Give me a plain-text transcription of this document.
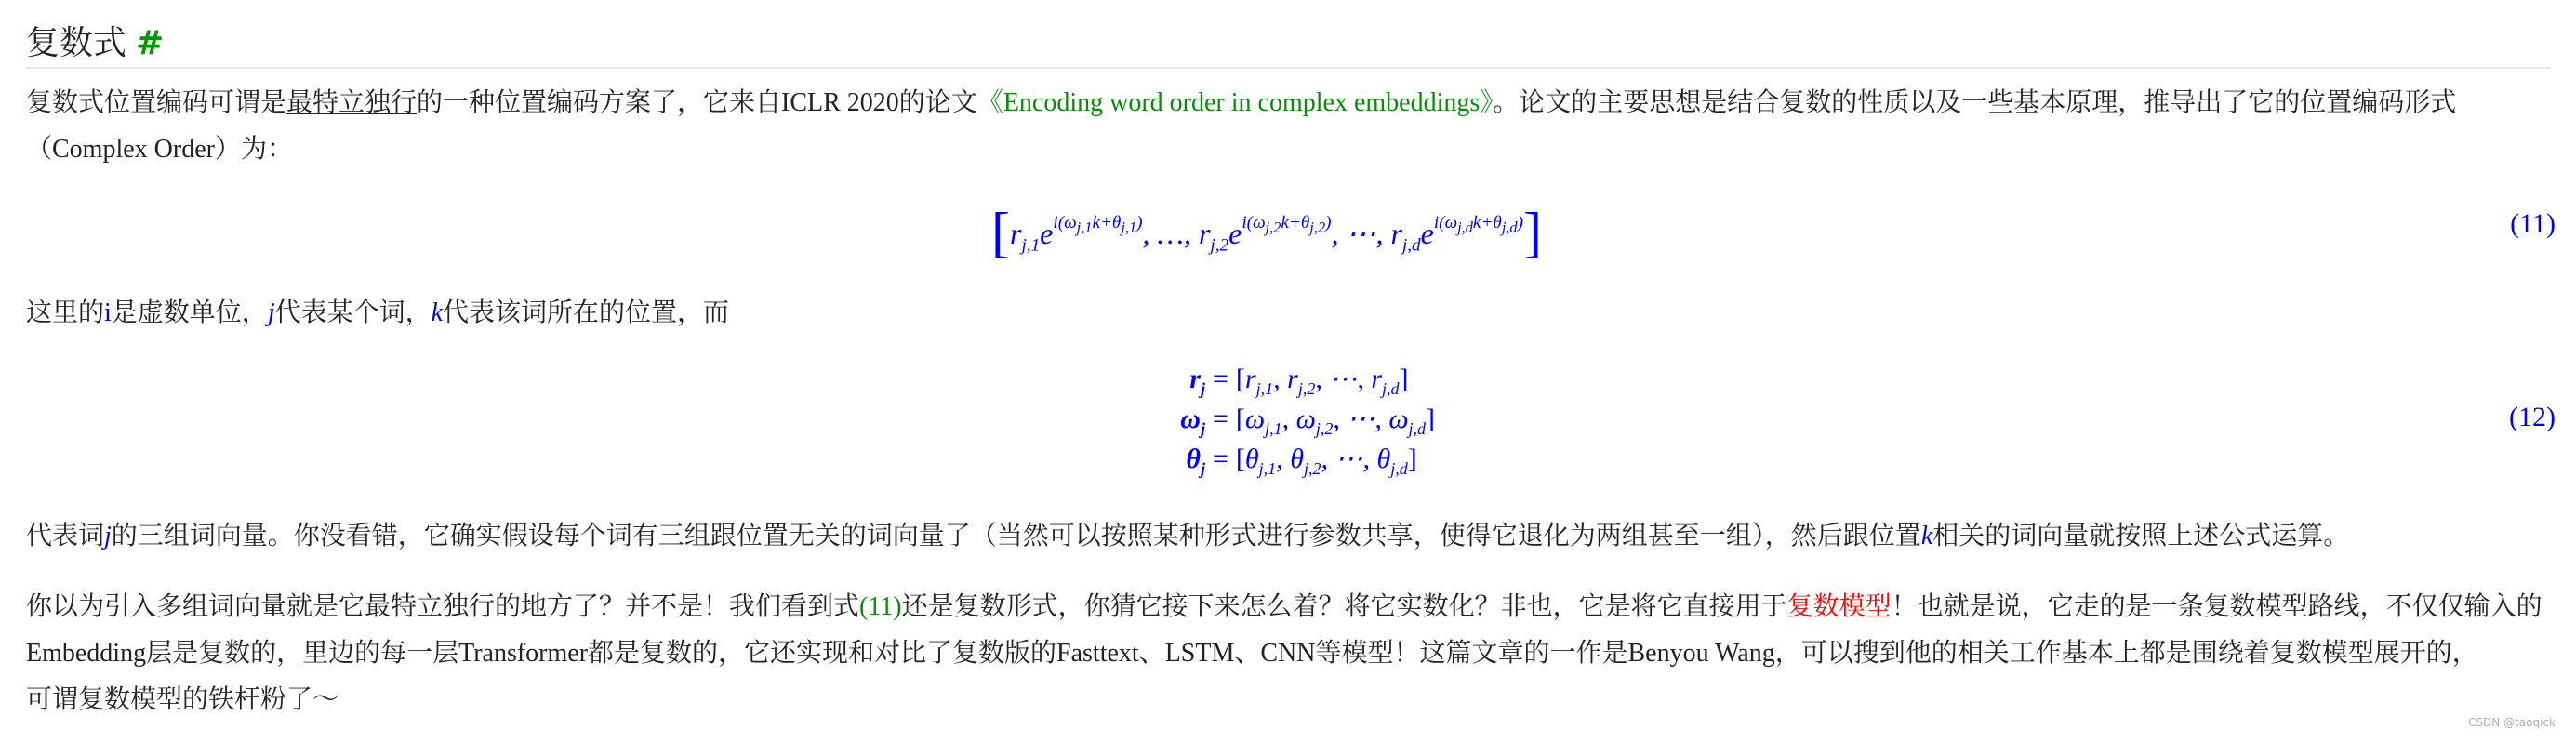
复数式 #

复数式位置编码可谓是最特立独行的一种位置编码方案了，它来自ICLR 2020的论文《Encoding word order in complex embeddings》。论文的主要思想是结合复数的性质以及一些基本原理，推导出了它的位置编码形式
（Complex Order）为：

[$r_{j,1}e^{i(\omega_{j,1}k+\theta_{j,1})}$, …, $r_{j,2}e^{i(\omega_{j,2}k+\theta_{j,2})}$, ⋯, $r_{j,d}e^{i(\omega_{j,d}k+\theta_{j,d})}$]	(11)

这里的i是虚数单位，j代表某个词，k代表该词所在的位置，而

$r_j = [r_{j,1}$, $r_{j,2}$, ⋯, $r_{j,d}$]
$\omega_j = [\omega_{j,1}$, $\omega_{j,2}$, ⋯, $\omega_{j,d}$]
$\theta_j = [\theta_{j,1}$, $\theta_{j,2}$, ⋯, $\theta_{j,d}$]
(12)

代表词j的三组词向量。你没看错，它确实假设每个词有三组跟位置无关的词向量了（当然可以按照某种形式进行参数共享，使得它退化为两组甚至一组），然后跟位置k相关的词向量就按照上述公式运算。

你以为引入多组词向量就是它最特立独行的地方了？并不是！我们看到式(11)还是复数形式，你猜它接下来怎么着？将它实数化？非也，它是将它直接用于复数模型！也就是说，它走的是一条复数模型路线，不仅仅输入的
Embedding层是复数的，里边的每一层Transformer都是复数的，它还实现和对比了复数版的Fasttext、LSTM、CNN等模型！这篇文章的一作是Benyou Wang，可以搜到他的相关工作基本上都是围绕着复数模型展开的，
可谓复数模型的铁杆粉了～

CSDN @taoqick
